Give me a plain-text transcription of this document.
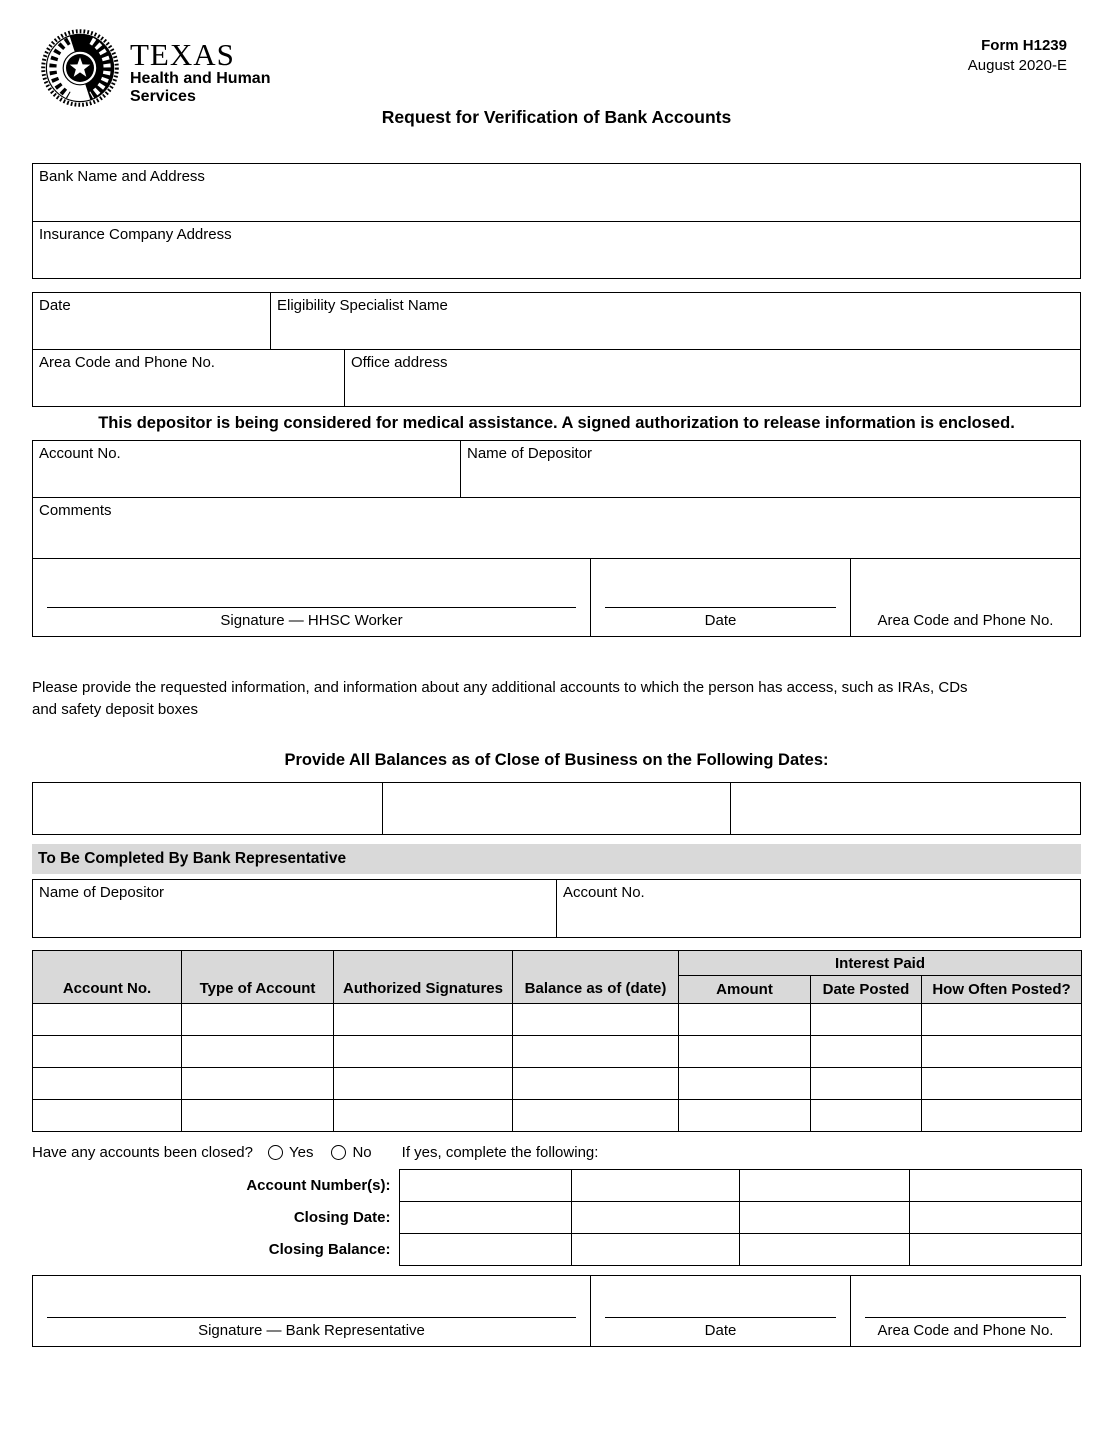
TEXAS
Health and Human
Services
Form H1239
August 2020-E
Request for Verification of Bank Accounts
Bank Name and Address
Insurance Company Address
Date	Eligibility Specialist Name
Area Code and Phone No.	Office address
This depositor is being considered for medical assistance. A signed authorization to release information is enclosed.
Account No.	Name of Depositor
Comments
Signature — HHSC Worker	Date	Area Code and Phone No.
Please provide the requested information, and information about any additional accounts to which the person has access, such as IRAs, CDs
and safety deposit boxes
Provide All Balances as of Close of Business on the Following Dates:
To Be Completed By Bank Representative
Name of Depositor	Account No.
Account No.	Type of Account	Authorized Signatures	Balance as of (date)	Interest Paid		
				Amount	Date Posted	How Often Posted?

Have any accounts been closed? Yes	No If yes, complete the following:
Account Number(s):				
Closing Date:				
Closing Balance:				
Signature — Bank Representative	Date	Area Code and Phone No.
